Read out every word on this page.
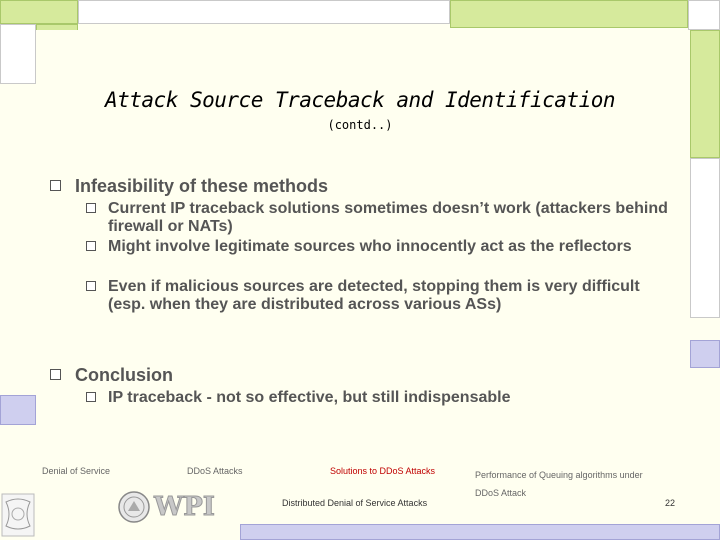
Attack Source Traceback and Identification
(contd..)
Infeasibility of these methods
Current IP traceback solutions sometimes doesn’t work (attackers behind firewall or NATs)
Might involve legitimate sources who innocently act as the reflectors
Even if malicious sources are detected, stopping them is very difficult (esp. when they are distributed across various ASs)
Conclusion
IP traceback - not so effective, but still indispensable
Denial of Service	DDoS Attacks	Solutions to DDoS Attacks	Performance of Queuing algorithms under DDoS Attack
Distributed Denial of Service Attacks	22
WPI
